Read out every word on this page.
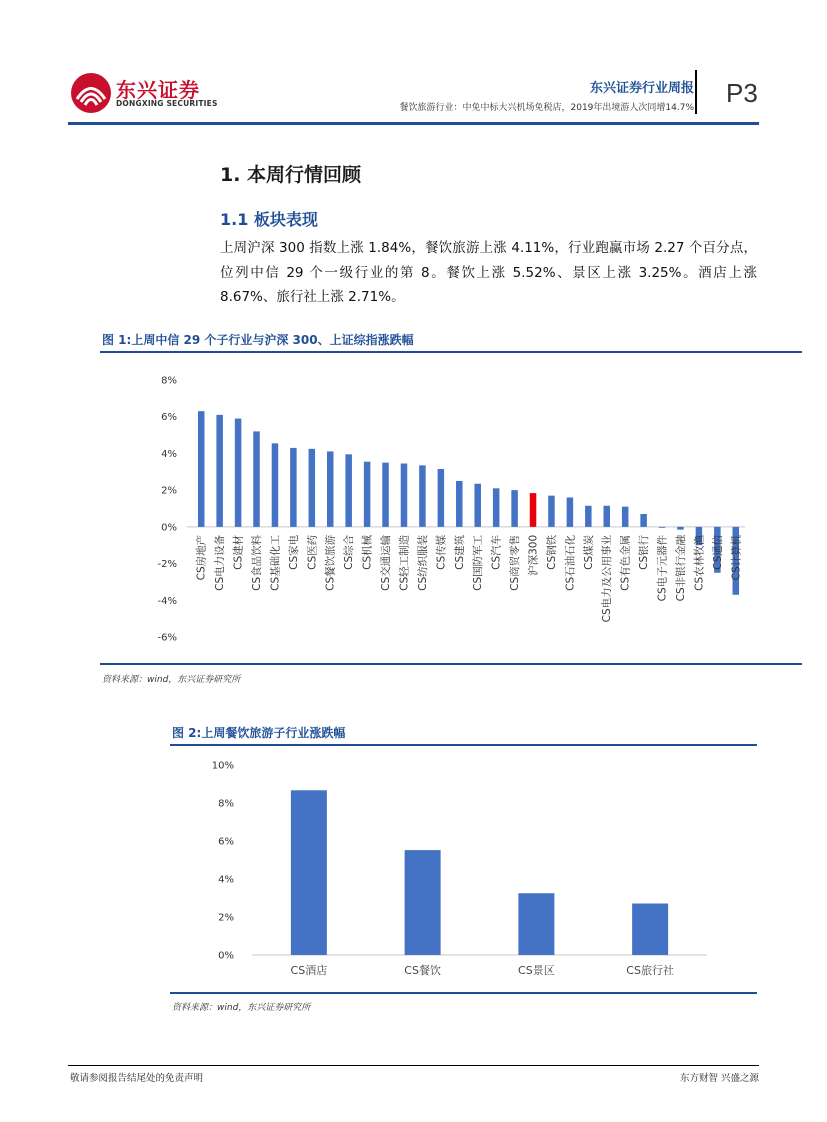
东兴证券
DONGXING SECURITIES
东兴证券行业周报
餐饮旅游行业：中免中标大兴机场免税店，2019年出境游人次同增14.7% P3
1. 本周行情回顾
1.1 板块表现
上周沪深 300 指数上涨 1.84%，餐饮旅游上涨 4.11%，行业跑赢市场 2.27 个百分点，位列中信 29 个一级行业的第 8。餐饮上涨 5.52%、景区上涨 3.25%。酒店上涨 8.67%、旅行社上涨 2.71%。
图 1:上周中信 29 个子行业与沪深 300、上证综指涨跌幅
-6%
-4%
-2%
0%
2%
4%
6%
8%
CS房地产 CS电力设备 CS建材 CS食品饮料 CS基础化工 CS家电 CS医药 CS餐饮旅游 CS综合 CS机械 CS交通运输 CS轻工制造 CS纺织服装 CS传媒 CS建筑 CS国防军工 CS汽车 CS商贸零售 沪深300 CS钢铁 CS石油石化 CS煤炭 CS电力及公用事业 CS有色金属 CS银行 CS电子元器件 CS非银行金融 CS农林牧渔 CS通信 CS计算机
资料来源：wind，东兴证券研究所
图 2:上周餐饮旅游子行业涨跌幅
0%
2%
4%
6%
8%
10%
CS酒店	CS餐饮	CS景区	CS旅行社
资料来源：wind，东兴证券研究所
敬请参阅报告结尾处的免责声明	东方财智 兴盛之源
